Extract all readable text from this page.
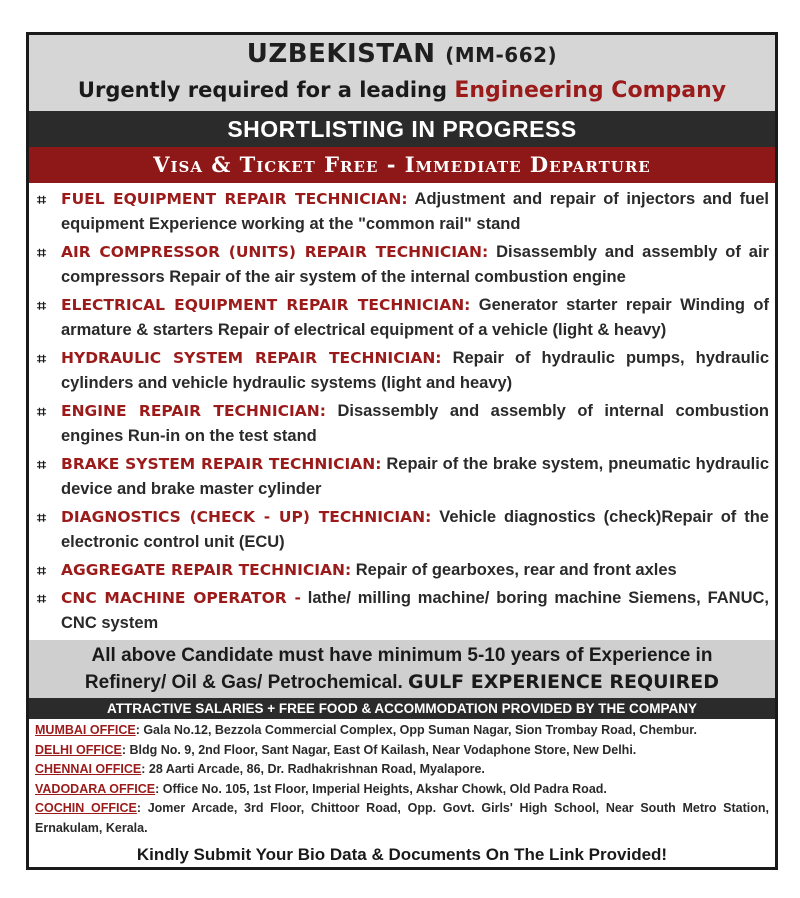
UZBEKISTAN (MM-662)
Urgently required for a leading Engineering Company
SHORTLISTING IN PROGRESS
Visa & Ticket Free - Immediate Departure
⌗ FUEL EQUIPMENT REPAIR TECHNICIAN: Adjustment and repair of injectors and fuel equipment Experience working at the "common rail" stand
⌗ AIR COMPRESSOR (UNITS) REPAIR TECHNICIAN: Disassembly and assembly of air compressors Repair of the air system of the internal combustion engine
⌗ ELECTRICAL EQUIPMENT REPAIR TECHNICIAN: Generator starter repair Winding of armature & starters Repair of electrical equipment of a vehicle (light & heavy)
⌗ HYDRAULIC SYSTEM REPAIR TECHNICIAN: Repair of hydraulic pumps, hydraulic cylinders and vehicle hydraulic systems (light and heavy)
⌗ ENGINE REPAIR TECHNICIAN: Disassembly and assembly of internal combustion engines Run-in on the test stand
⌗ BRAKE SYSTEM REPAIR TECHNICIAN: Repair of the brake system, pneumatic hydraulic device and brake master cylinder
⌗ DIAGNOSTICS (CHECK - UP) TECHNICIAN: Vehicle diagnostics (check)Repair of the electronic control unit (ECU)
⌗ AGGREGATE REPAIR TECHNICIAN: Repair of gearboxes, rear and front axles
⌗ CNC MACHINE OPERATOR - lathe/ milling machine/ boring machine Siemens, FANUC, CNC system
All above Candidate must have minimum 5-10 years of Experience in
Refinery/ Oil & Gas/ Petrochemical. GULF EXPERIENCE REQUIRED
ATTRACTIVE SALARIES + FREE FOOD & ACCOMMODATION PROVIDED BY THE COMPANY
MUMBAI OFFICE: Gala No.12, Bezzola Commercial Complex, Opp Suman Nagar, Sion Trombay Road, Chembur.
DELHI OFFICE: Bldg No. 9, 2nd Floor, Sant Nagar, East Of Kailash, Near Vodaphone Store, New Delhi.
CHENNAI OFFICE: 28 Aarti Arcade, 86, Dr. Radhakrishnan Road, Myalapore.
VADODARA OFFICE: Office No. 105, 1st Floor, Imperial Heights, Akshar Chowk, Old Padra Road.
COCHIN OFFICE: Jomer Arcade, 3rd Floor, Chittoor Road, Opp. Govt. Girls' High School, Near South Metro Station, Ernakulam, Kerala.
Kindly Submit Your Bio Data & Documents On The Link Provided!
